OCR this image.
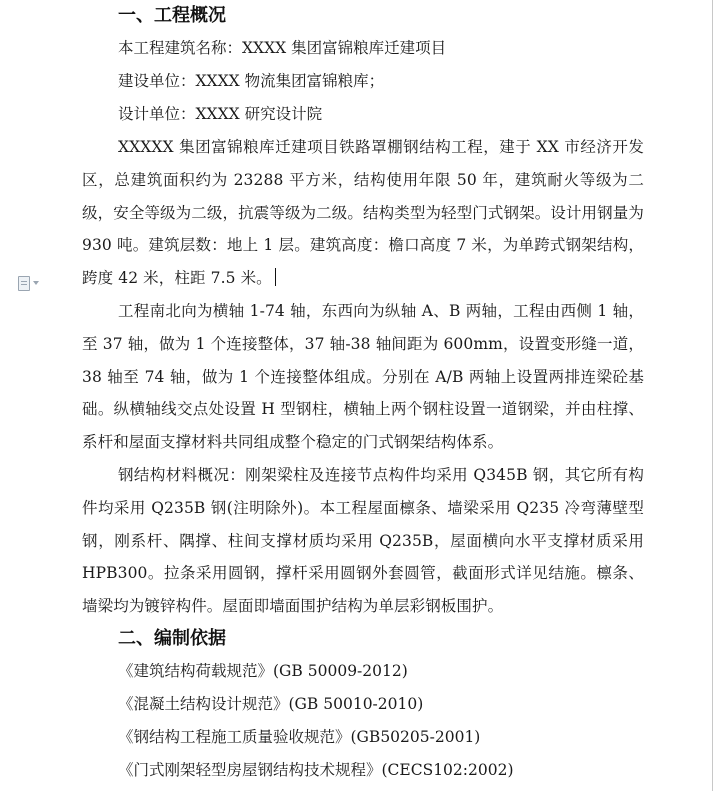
一、工程概况

本工程建筑名称：XXXX 集团富锦粮库迁建项目

建设单位：XXXX 物流集团富锦粮库；

设计单位：XXXX 研究设计院

XXXXX 集团富锦粮库迁建项目铁路罩棚钢结构工程，建于 XX 市经济开发区，总建筑面积约为 23288 平方米，结构使用年限 50 年，建筑耐火等级为二级，安全等级为二级，抗震等级为二级。结构类型为轻型门式钢架。设计用钢量为 930 吨。建筑层数：地上 1 层。建筑高度：檐口高度 7 米，为单跨式钢架结构，跨度 42 米，柱距 7.5 米。

工程南北向为横轴 1-74 轴，东西向为纵轴 A、B 两轴，工程由西侧 1 轴，至 37 轴，做为 1 个连接整体，37 轴-38 轴间距为 600mm，设置变形缝一道，38 轴至 74 轴，做为 1 个连接整体组成。分别在 A/B 两轴上设置两排连梁砼基础。纵横轴线交点处设置 H 型钢柱，横轴上两个钢柱设置一道钢梁，并由柱撑、系杆和屋面支撑材料共同组成整个稳定的门式钢架结构体系。

钢结构材料概况：刚架梁柱及连接节点构件均采用 Q345B 钢，其它所有构件均采用 Q235B 钢(注明除外)。本工程屋面檩条、墙梁采用 Q235 冷弯薄壁型钢，刚系杆、隅撑、柱间支撑材质均采用 Q235B，屋面横向水平支撑材质采用 HPB300。拉条采用圆钢，撑杆采用圆钢外套圆管，截面形式详见结施。檩条、墙梁均为镀锌构件。屋面即墙面围护结构为单层彩钢板围护。

二、编制依据

《建筑结构荷载规范》(GB 50009-2012)

《混凝土结构设计规范》(GB 50010-2010)

《钢结构工程施工质量验收规范》(GB50205-2001)

《门式刚架轻型房屋钢结构技术规程》(CECS102:2002)
